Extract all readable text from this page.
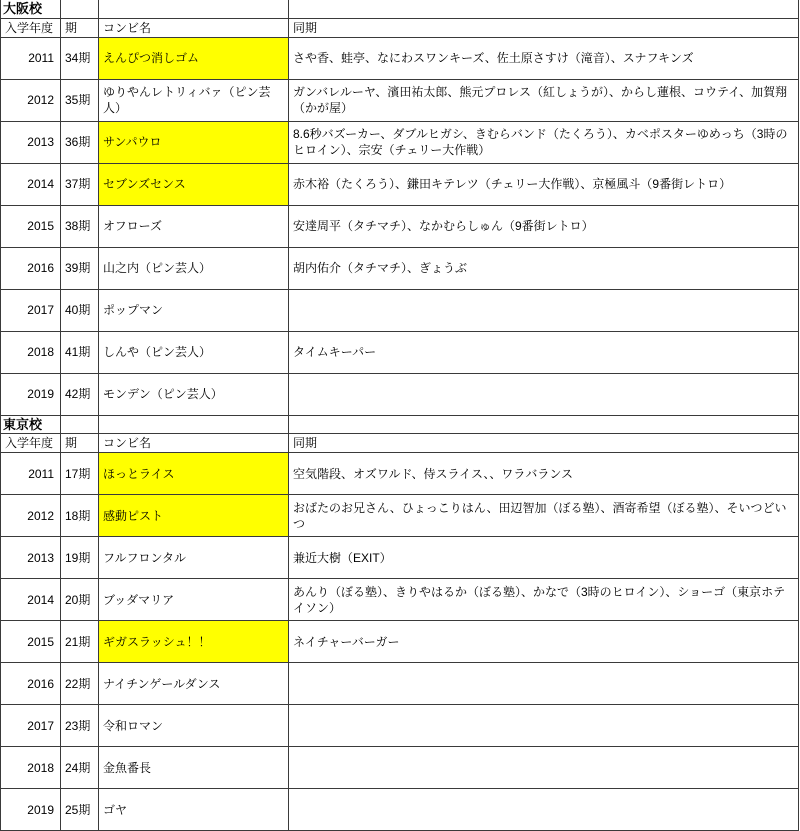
大阪校			
入学年度	期	コンビ名	同期
2011	34期	えんぴつ消しゴム	さや香、蛙亭、なにわスワンキーズ、佐土原さすけ（滝音）、スナフキンズ
2012	35期	ゆりやんレトリィバァ（ピン芸人）	ガンバレルーヤ、濱田祐太郎、熊元プロレス（紅しょうが）、からし蓮根、コウテイ、加賀翔（かが屋）
2013	36期	サンパウロ	8.6秒バズーカー、ダブルヒガシ、きむらバンド（たくろう）、カベポスターゆめっち（3時のヒロイン）、宗安（チェリー大作戦）
2014	37期	セブンズセンス	赤木裕（たくろう）、鎌田キテレツ（チェリー大作戦）、京極風斗（9番街レトロ）
2015	38期	オフローズ	安達周平（タチマチ）、なかむらしゅん（9番街レトロ）
2016	39期	山之内（ピン芸人）	胡内佑介（タチマチ）、ぎょうぶ
2017	40期	ポップマン	
2018	41期	しんや（ピン芸人）	タイムキーパー
2019	42期	モンデン（ピン芸人）	
東京校			
入学年度	期	コンビ名	同期
2011	17期	ほっとライス	空気階段、オズワルド、侍スライス、、ワラバランス
2012	18期	感動ピスト	おばたのお兄さん、ひょっこりはん、田辺智加（ぼる塾）、酒寄希望（ぼる塾）、そいつどいつ
2013	19期	フルフロンタル	兼近大樹（EXIT）
2014	20期	ブッダマリア	あんり（ぼる塾）、きりやはるか（ぼる塾）、かなで（3時のヒロイン）、ショーゴ（東京ホテイソン）
2015	21期	ギガスラッシュ！！	ネイチャーバーガー
2016	22期	ナイチンゲールダンス	
2017	23期	令和ロマン	
2018	24期	金魚番長	
2019	25期	ゴヤ	
